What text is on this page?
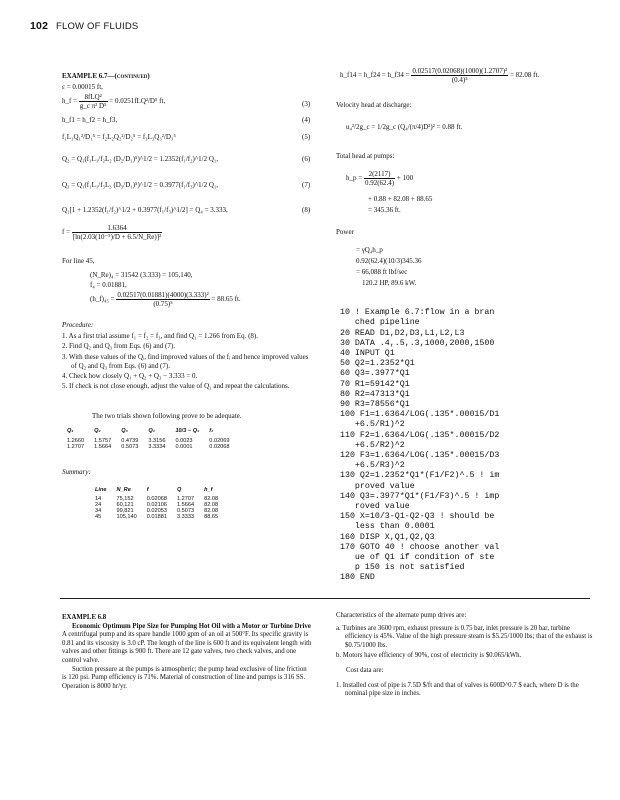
102 FLOW OF FLUIDS
EXAMPLE 6.7—(continued)
ε = 0.00015 ft,
h_f = $\frac{\text{8fLQ²}}{\text{g\_c π² D⁵}} = 0.0251fLQ^2/D^5$ ft,	(3)
h_f1 = h_f2 = h_f3,	(4)
f₁L₁Q₁²/D₁⁵ = f₂L₂Q₂²/D₂⁵ = f₃L₃Q₃²/D₃⁵	(5)
Q₂ = Q₁(f₁L₁/f₂L₂ (D₂/D₁)⁵)^1/2 = 1.2352(f₁/f₂)^1/2 Q₁,	(6)
Q₃ = Q₁(f₁L₁/f₃L₃ (D₃/D₁)⁵)^1/2 = 0.3977(f₁/f₃)^1/2 Q₁,	(7)
Q₁[1 + 1.2352(f₁/f₂)^1/2 + 0.3977(f₁/f₃)^1/2] = Q₄ = 3.333,	(8)
$f = \frac{1.6364}{\text{[ln(2.03(10⁻⁵)/D + 6.5/N\_Re)]²}}$
For line 45,
(N_Re)₄ = 31542 (3.333) = 105,140,
f₄ = 0.01881,
(h_f)₄₅ = $\frac{\text{0.02517(0.01881)(4000)(3.333)²}}{\text{(0.75)⁵}} = 88.65$ ft.

Procedure:

1. As a first trial assume f₁ = f₂ = f₃, and find Q₁ = 1.266 from Eq. (8).
2. Find Q₂ and Q₃ from Eqs. (6) and (7).
3. With these values of the Qᵢ, find improved values of the fᵢ and hence improved values of Q₂ and Q₃ from Eqs. (6) and (7).
4. Check how closely Q₁ + Q₂ + Q₃ − 3.333 = 0.
5. If check is not close enough, adjust the value of Q₁ and repeat the calculations.
The two trials shown following prove to be adequate.
Q₁	Q₂	Q₃	Q₄	10/3 − Q₄	f₁

1.2660	1.5757	0.4739	3.3156	0.0023	0.02069
1.2707	1.5664	0.5073	3.3334	0.0001	0.02068
Summary:
Line	N_Re	f	Q	h_f

14	75,152	0.02068	1.2707	82.08
24	60,121	0.02106	1.5664	82.08
34	99,821	0.02053	0.5073	82.08
45	105,140	0.01881	3.3333	88.65
h_f14 = h_f24 = h_f34 = $\frac{\text{0.02517(0.02068)(1000)(1.2707)²}}{\text{(0.4)⁵}} = 82.08$ ft.
Velocity head at discharge:
u₄²/2g_c = 1/2g_c (Q₄/(π/4)D²)² = 0.88 ft.
Total head at pumps:
h_p = $\frac{2(2117)}{0.92(62.4)} + 100$
+ 0.88 + 82.08 + 88.65
= 345.36 ft.
Power
= γQ₄h_p
0.92(62.4)(10/3)345.36
= 66,088 ft lbf/sec
120.2 HP, 89.6 kW.

10 ! Example 6.7:flow in a bran
ched pipeline
20 READ D1,D2,D3,L1,L2,L3
30 DATA .4,.5,.3,1000,2000,1500
40 INPUT Q1
50 Q2=1.2352*Q1
60 Q3=.3977*Q1
70 R1=59142*Q1
80 R2=47313*Q1
90 R3=78556*Q1
100 F1=1.6364/LOG(.135*.00015/D1
+6.5/R1)^2
110 F2=1.6364/LOG(.135*.00015/D2
+6.5/R2)^2
120 F3=1.6364/LOG(.135*.00015/D3
+6.5/R3)^2
130 Q2=1.2352*Q1*(F1/F2)^.5 ! im
proved value
140 Q3=.3977*Q1*(F1/F3)^.5 ! imp
roved value
150 X=10/3-Q1-Q2-Q3 ! should be
less than 0.0001
160 DISP X,Q1,Q2,Q3
170 GOTO 40 ! choose another val
ue of Q1 if condition of ste
p 150 is not satisfied
180 END

EXAMPLE 6.8
Economic Optimum Pipe Size for Pumping Hot Oil with a Motor or Turbine Drive
A centrifugal pump and its spare handle 1000 gpm of an oil at 500°F. Its specific gravity is 0.81 and its viscosity is 3.0 cP. The length of the line is 600 ft and its equivalent length with valves and other fittings is 900 ft. There are 12 gate valves, two check valves, and one control valve.
Suction pressure at the pumps is atmospheric; the pump head exclusive of line friction is 120 psi. Pump efficiency is 71%. Material of construction of line and pumps is 316 SS. Operation is 8000 hr/yr.
Characteristics of the alternate pump drives are:
a. Turbines are 3600 rpm, exhaust pressure is 0.75 bar, inlet pressure is 20 bar, turbine efficiency is 45%. Value of the high pressure steam is $5.25/1000 lbs; that of the exhaust is $0.75/1000 lbs.
b. Motors have efficiency of 90%, cost of electricity is $0.065/kWh.
Cost data are:
1. Installed cost of pipe is 7.5D $/ft and that of valves is 600D^0.7 $ each, where D is the nominal pipe size in inches.
